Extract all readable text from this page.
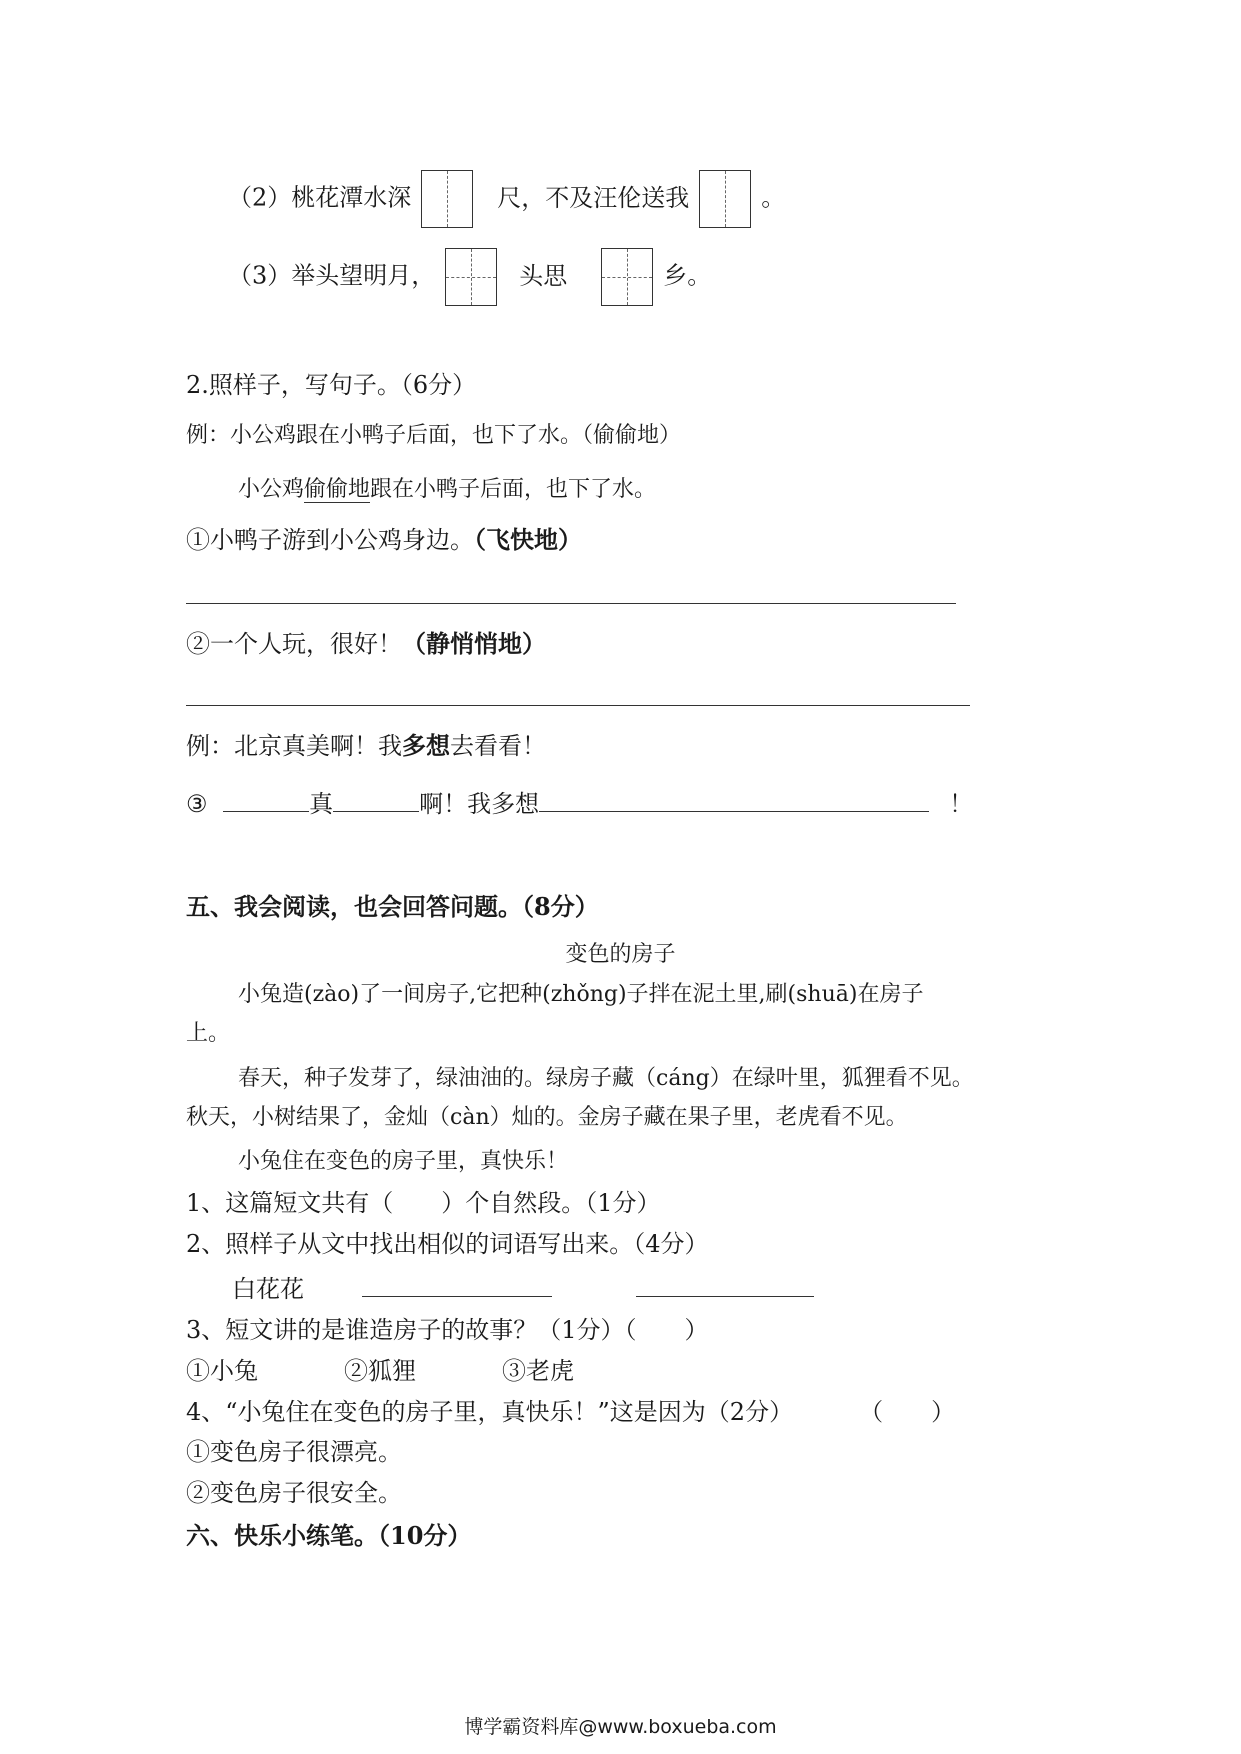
（2）桃花潭水深	尺，不及汪伦送我	。
（3）举头望明月，	头思	乡。
2.照样子，写句子。（6分）
例：小公鸡跟在小鸭子后面，也下了水。（偷偷地）
小公鸡偷偷地跟在小鸭子后面，也下了水。
①小鸭子游到小公鸡身边。（飞快地）
②一个人玩，很好！（静悄悄地）
例：北京真美啊！我多想去看看！
③	真	啊！我多想	！
五、我会阅读，也会回答问题。（8分）
变色的房子
小兔造(zào)了一间房子,它把种(zhǒng)子拌在泥土里,刷(shuā)在房子
上。
春天，种子发芽了，绿油油的。绿房子藏（cáng）在绿叶里，狐狸看不见。
秋天，小树结果了，金灿（càn）灿的。金房子藏在果子里，老虎看不见。
小兔住在变色的房子里，真快乐！
1、这篇短文共有（　　）个自然段。（1分）
2、照样子从文中找出相似的词语写出来。（4分）
白花花
3、短文讲的是谁造房子的故事？（1分）（　　）
①小兔	②狐狸	③老虎
4、“小兔住在变色的房子里，真快乐！”这是因为（2分）	（　　）
①变色房子很漂亮。
②变色房子很安全。
六、快乐小练笔。（10分）
博学霸资料库@www.boxueba.com
